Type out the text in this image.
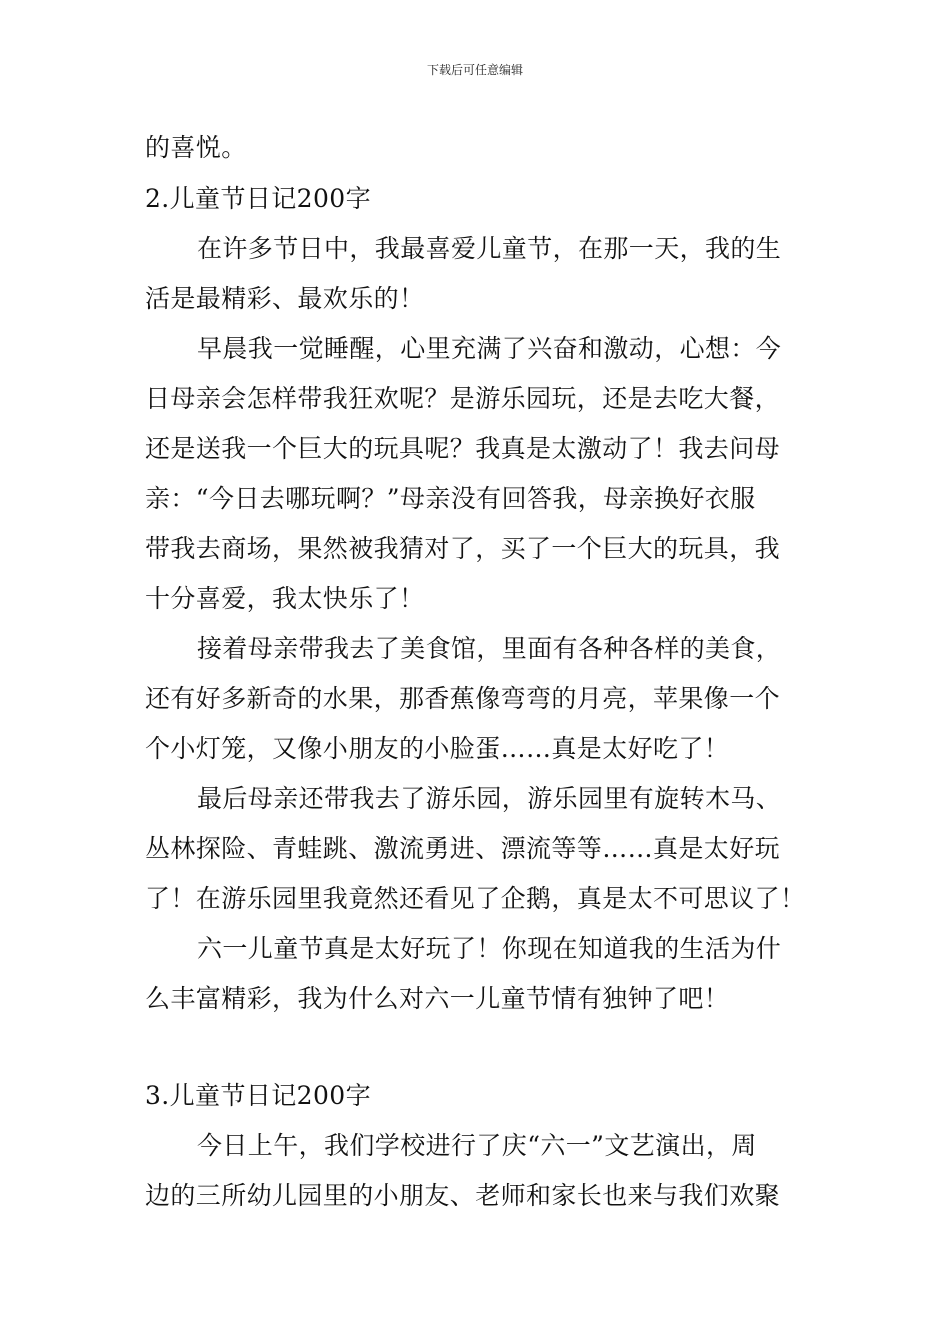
下载后可任意编辑
的喜悦。
2.儿童节日记200字
在许多节日中，我最喜爱儿童节，在那一天，我的生
活是最精彩、最欢乐的！
早晨我一觉睡醒，心里充满了兴奋和激动，心想：今
日母亲会怎样带我狂欢呢？是游乐园玩，还是去吃大餐，
还是送我一个巨大的玩具呢？我真是太激动了！我去问母
亲：“今日去哪玩啊？”母亲没有回答我，母亲换好衣服
带我去商场，果然被我猜对了，买了一个巨大的玩具，我
十分喜爱，我太快乐了！
接着母亲带我去了美食馆，里面有各种各样的美食，
还有好多新奇的水果，那香蕉像弯弯的月亮，苹果像一个
个小灯笼，又像小朋友的小脸蛋……真是太好吃了！
最后母亲还带我去了游乐园，游乐园里有旋转木马、
丛林探险、青蛙跳、激流勇进、漂流等等……真是太好玩
了！在游乐园里我竟然还看见了企鹅，真是太不可思议了！
六一儿童节真是太好玩了！你现在知道我的生活为什
么丰富精彩，我为什么对六一儿童节情有独钟了吧！
3.儿童节日记200字
今日上午，我们学校进行了庆“六一”文艺演出，周
边的三所幼儿园里的小朋友、老师和家长也来与我们欢聚
